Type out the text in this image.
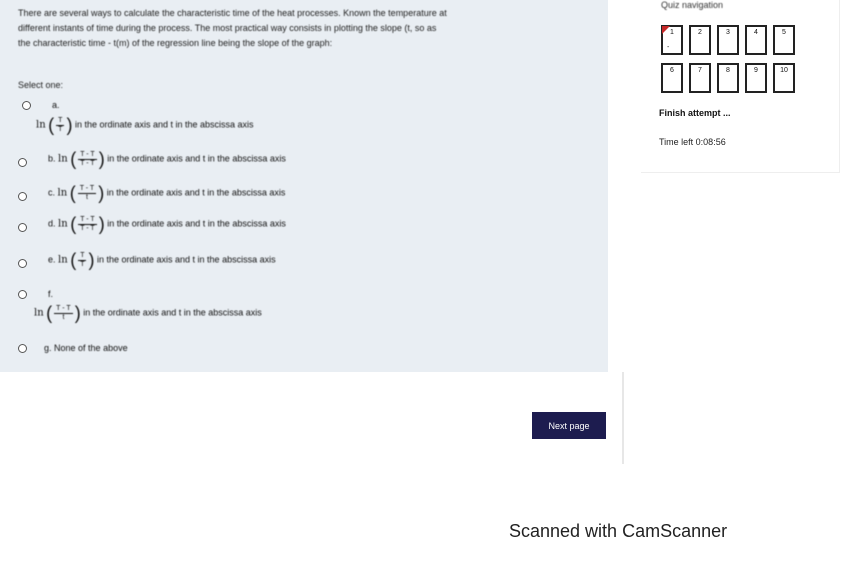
There are several ways to calculate the characteristic time of the heat processes. Known the temperature at
different instants of time during the process. The most practical way consists in plotting the slope (t, so as
the characteristic time - t(m) of the regression line being the slope of the graph:
Select one:
a.
ln ( $\frac{T}{T}$ ) in the ordinate axis and t in the abscissa axis
b. ln ( $\frac{T - T}{T - T}$ ) in the ordinate axis and t in the abscissa axis
c. ln ( $\frac{T - T}{t}$ ) in the ordinate axis and t in the abscissa axis
d. ln ( $\frac{T - T}{T - T}$ ) in the ordinate axis and t in the abscissa axis
e. ln ( $\frac{T}{T}$ ) in the ordinate axis and t in the abscissa axis
f.
ln ( $\frac{T - T}{t}$ ) in the ordinate axis and t in the abscissa axis
g. None of the above
Next page
Quiz navigation
1
-
2	3	4	5
6	7	8	9	10
Finish attempt ...
Time left 0:08:56
Scanned with CamScanner
